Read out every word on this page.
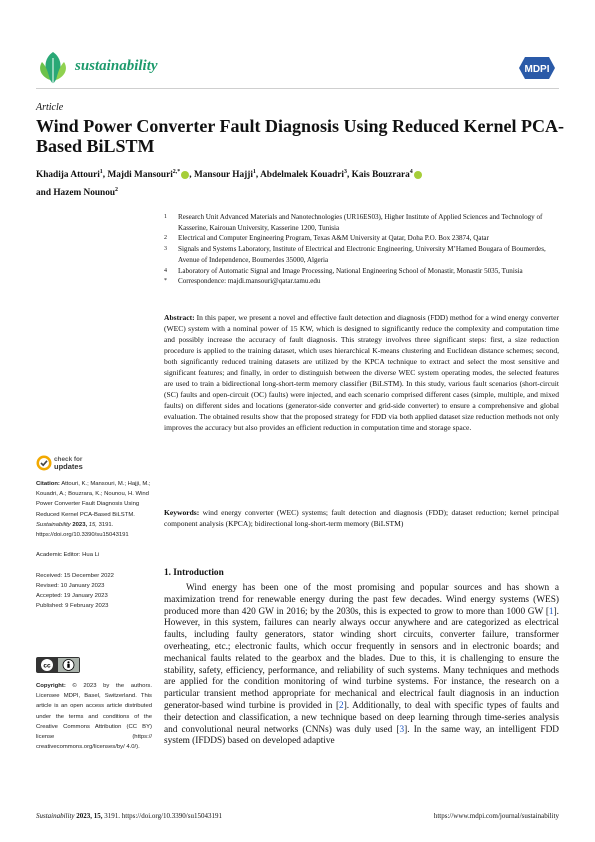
sustainability	MDPI
Article
Wind Power Converter Fault Diagnosis Using Reduced Kernel PCA-Based BiLSTM
Khadija Attouri$^1$, Majdi Mansouri$^{2,*}$ , Mansour Hajji$^1$, Abdelmalek Kouadri$^3$, Kais Bouzrara$^4$
and Hazem Nounou$^2$
1 Research Unit Advanced Materials and Nanotechnologies (UR16ES03), Higher Institute of Applied Sciences and Technology of Kasserine, Kairouan University, Kasserine 1200, Tunisia
2 Electrical and Computer Engineering Program, Texas A&M University at Qatar, Doha P.O. Box 23874, Qatar
3 Signals and Systems Laboratory, Institute of Electrical and Electronic Engineering, University M’Hamed Bougara of Boumerdes, Avenue of Independence, Boumerdes 35000, Algeria
4 Laboratory of Automatic Signal and Image Processing, National Engineering School of Monastir, Monastir 5035, Tunisia
* Correspondence: majdi.mansouri@qatar.tamu.edu
Abstract: In this paper, we present a novel and effective fault detection and diagnosis (FDD) method for a wind energy converter (WEC) system with a nominal power of 15 KW, which is designed to significantly reduce the complexity and computation time and possibly increase the accuracy of fault diagnosis. This strategy involves three significant steps: first, a size reduction procedure is applied to the training dataset, which uses hierarchical K-means clustering and Euclidean distance schemes; second, both significantly reduced training datasets are utilized by the KPCA technique to extract and select the most sensitive and significant features; and finally, in order to distinguish between the diverse WEC system operating modes, the selected features are used to train a bidirectional long-short-term memory classifier (BiLSTM). In this study, various fault scenarios (short-circuit (SC) faults and open-circuit (OC) faults) were injected, and each scenario comprised different cases (simple, multiple, and mixed faults) on different sides and locations (generator-side converter and grid-side converter) to ensure a comprehensive and global evaluation. The obtained results show that the proposed strategy for FDD via both applied dataset size reduction methods not only improves the accuracy but also provides an efficient reduction in computation time and storage space.
Keywords: wind energy converter (WEC) systems; fault detection and diagnosis (FDD); dataset reduction; kernel principal component analysis (KPCA); bidirectional long-short-term memory (BiLSTM)
check for
updates
Citation: Attouri, K.; Mansouri, M.; Hajji, M.; Kouadri, A.; Bouzrara, K.; Nounou, H. Wind Power Converter Fault Diagnosis Using Reduced Kernel PCA-Based BiLSTM. Sustainability 2023, 15, 3191. https://doi.org/10.3390/su15043191
Academic Editor: Hua Li
Received: 15 December 2022
Revised: 10 January 2023
Accepted: 19 January 2023
Published: 9 February 2023
cc
Copyright: © 2023 by the authors. Licensee MDPI, Basel, Switzerland. This article is an open access article distributed under the terms and conditions of the Creative Commons Attribution (CC BY) license (https:// creativecommons.org/licenses/by/ 4.0/).
1. Introduction
Wind energy has been one of the most promising and popular sources and has shown a maximization trend for renewable energy during the past few decades. Wind energy systems (WES) produced more than 420 GW in 2016; by the 2030s, this is expected to grow to more than 1000 GW [1]. However, in this system, failures can nearly always occur anywhere and are categorized as electrical faults, including faulty generators, stator winding short circuits, converter failure, transformer overheating, etc.; electronic faults, which occur frequently in sensors and in electronic boards; and mechanical faults related to the gearbox and the blades. Due to this, it is challenging to ensure the stability, safety, efficiency, performance, and reliability of such systems. Many techniques and methods are applied for the condition monitoring of wind turbine systems. For instance, the research on a particular transient method appropriate for mechanical and electrical fault diagnosis in an induction generator-based wind turbine is provided in [2]. Additionally, to deal with specific types of faults and their detection and classification, a new technique based on deep learning through time-series analysis and convolutional neural networks (CNNs) was duly used [3]. In the same way, an intelligent FDD system (IFDDS) based on developed adaptive
Sustainability 2023, 15, 3191. https://doi.org/10.3390/su15043191	https://www.mdpi.com/journal/sustainability
